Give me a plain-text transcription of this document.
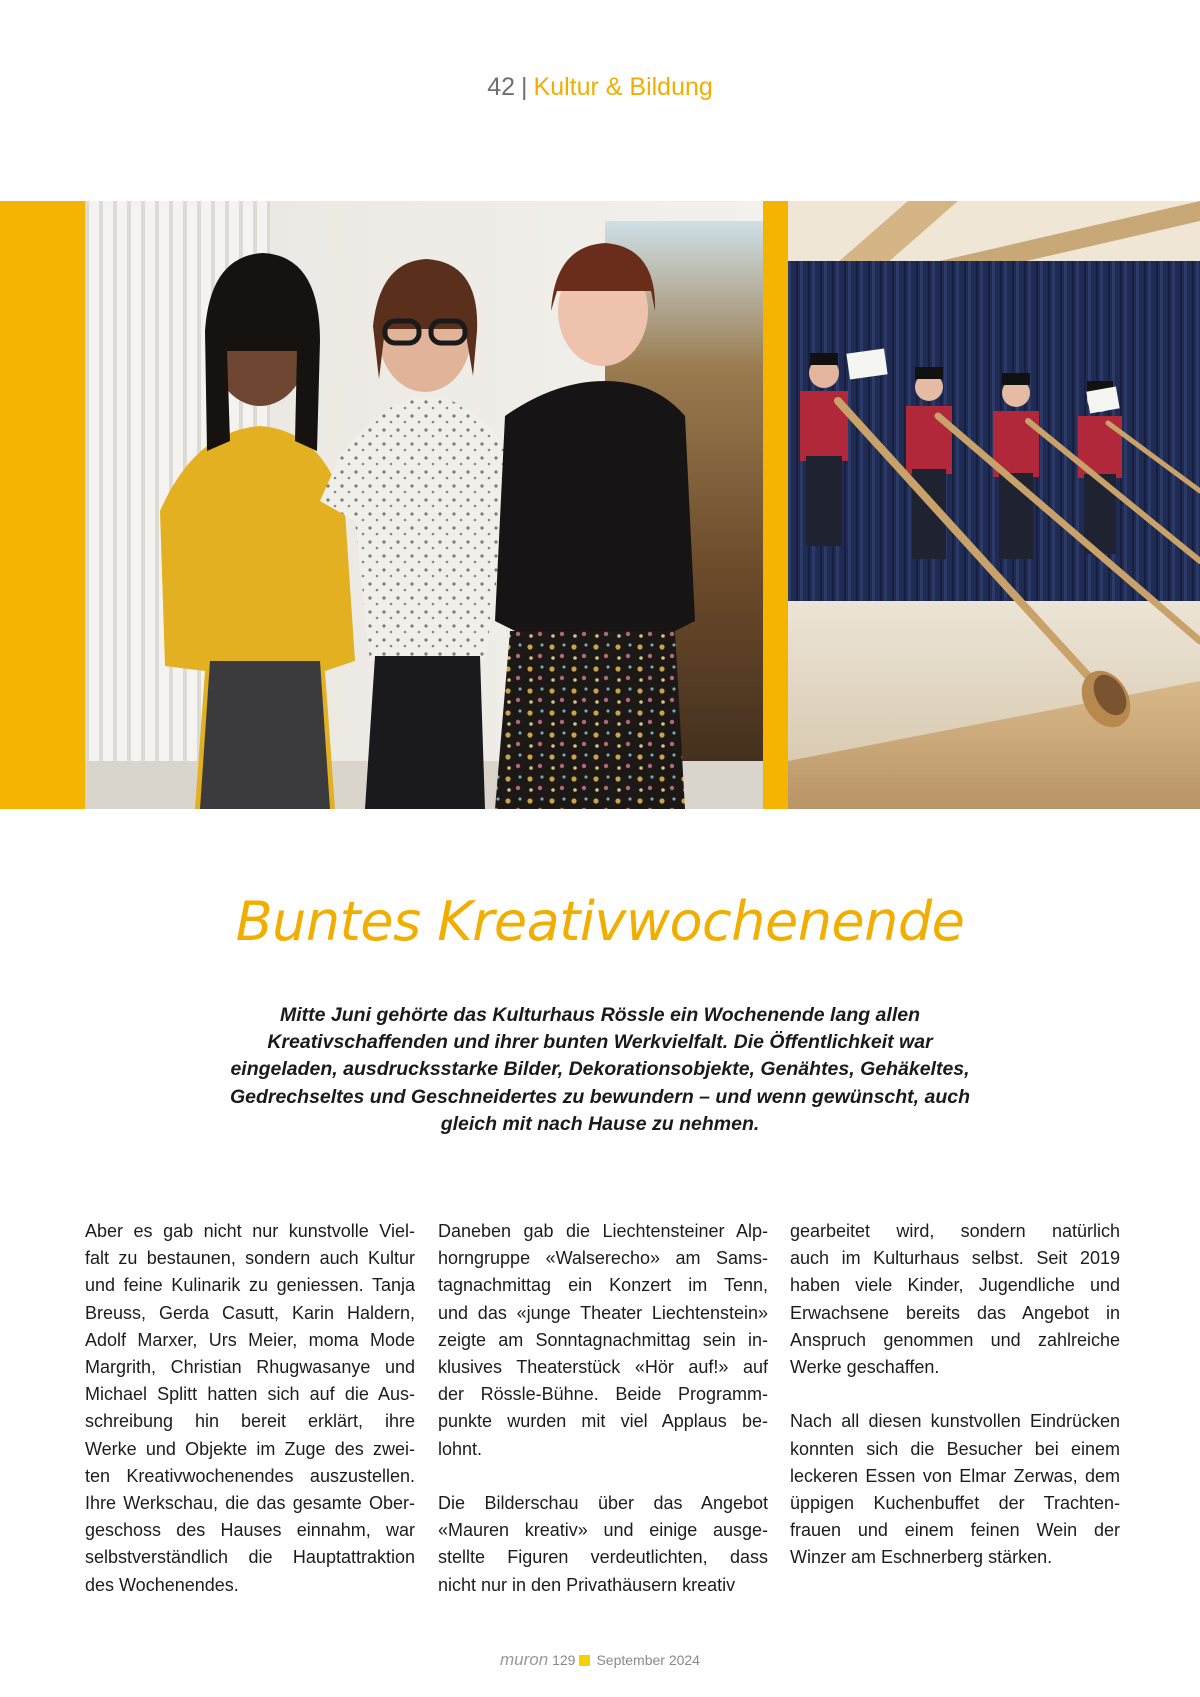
42 | Kultur & Bildung
Buntes Kreativwochenende
Mitte Juni gehörte das Kulturhaus Rössle ein Wochenende lang allen
Kreativschaffenden und ihrer bunten Werkvielfalt. Die Öffentlichkeit war
eingeladen, ausdrucksstarke Bilder, Dekorationsobjekte, Genähtes, Gehäkeltes,
Gedrechseltes und Geschneidertes zu bewundern – und wenn gewünscht, auch
gleich mit nach Hause zu nehmen.
Aber es gab nicht nur kunstvolle Viel-
falt zu bestaunen, sondern auch Kultur
und feine Kulinarik zu geniessen. Tanja
Breuss, Gerda Casutt, Karin Haldern,
Adolf Marxer, Urs Meier, moma Mode
Margrith, Christian Rhugwasanye und
Michael Splitt hatten sich auf die Aus-
schreibung hin bereit erklärt, ihre
Werke und Objekte im Zuge des zwei-
ten Kreativwochenendes auszustellen.
Ihre Werkschau, die das gesamte Ober-
geschoss des Hauses einnahm, war
selbstverständlich die Hauptattraktion
des Wochenendes.
Daneben gab die Liechtensteiner Alp-
horngruppe «Walserecho» am Sams-
tagnachmittag ein Konzert im Tenn,
und das «junge Theater Liechtenstein»
zeigte am Sonntagnachmittag sein in-
klusives Theaterstück «Hör auf!» auf
der Rössle-Bühne. Beide Programm-
punkte wurden mit viel Applaus be-
lohnt.
Die Bilderschau über das Angebot
«Mauren kreativ» und einige ausge-
stellte Figuren verdeutlichten, dass
nicht nur in den Privathäusern kreativ
gearbeitet wird, sondern natürlich
auch im Kulturhaus selbst. Seit 2019
haben viele Kinder, Jugendliche und
Erwachsene bereits das Angebot in
Anspruch genommen und zahlreiche
Werke geschaffen.
Nach all diesen kunstvollen Eindrücken
konnten sich die Besucher bei einem
leckeren Essen von Elmar Zerwas, dem
üppigen Kuchenbuffet der Trachten-
frauen und einem feinen Wein der
Winzer am Eschnerberg stärken.
muron 129 September 2024
